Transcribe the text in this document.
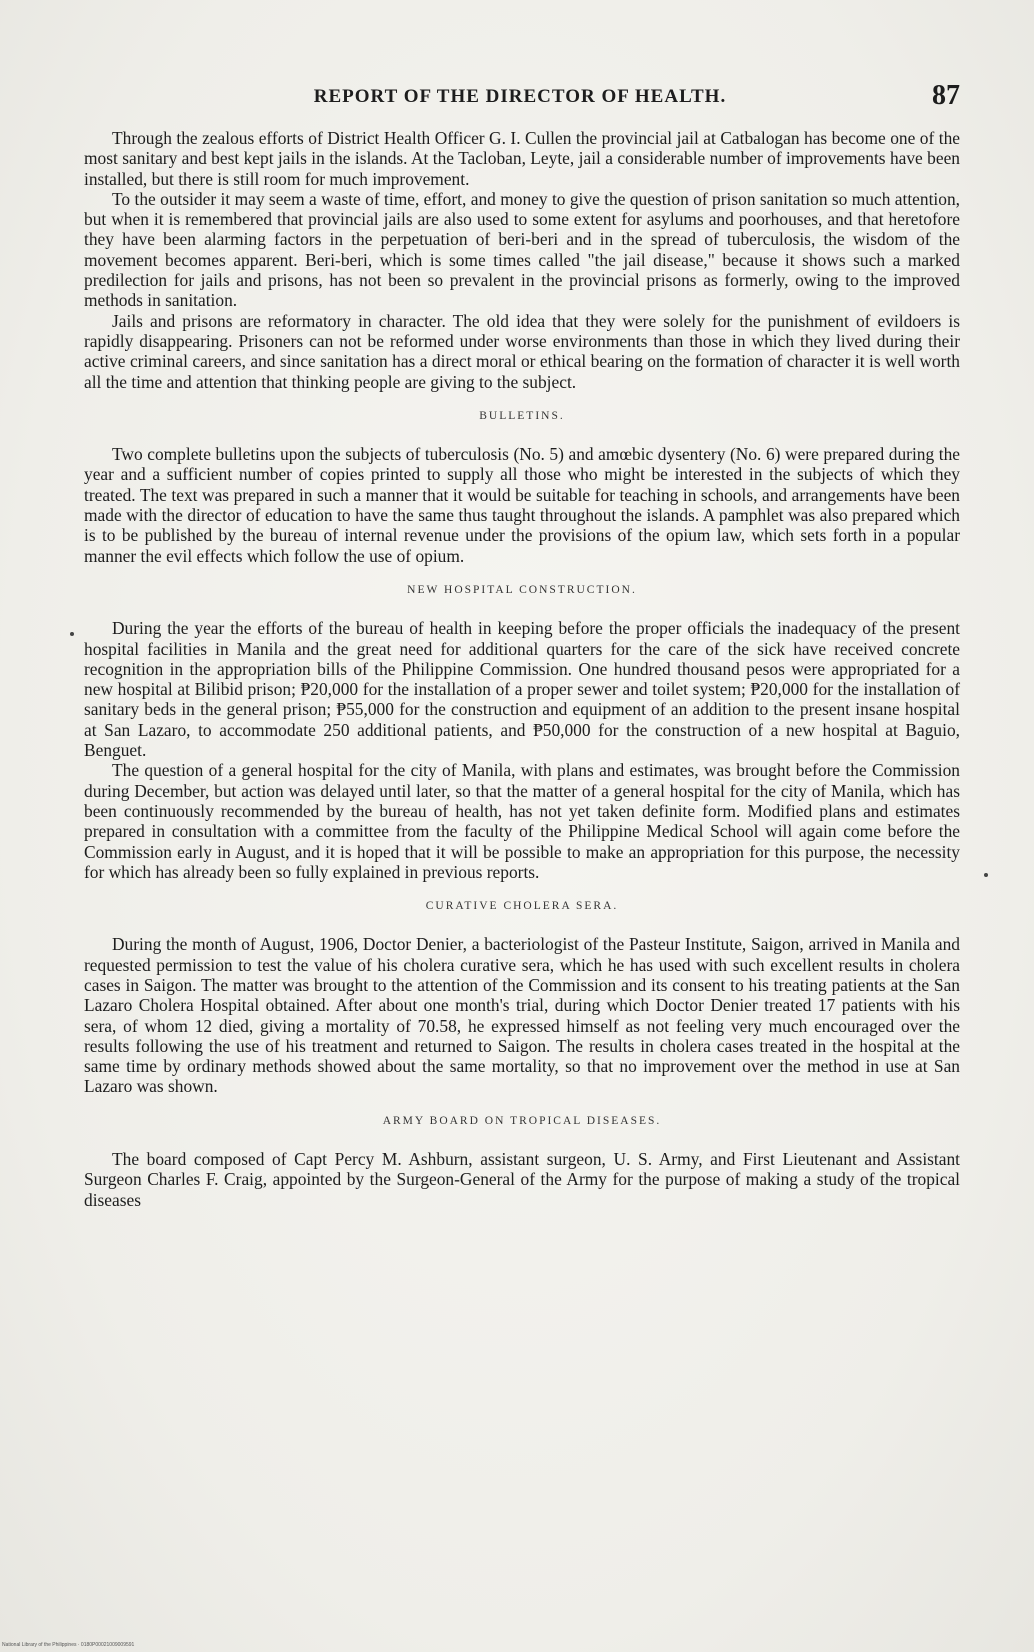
REPORT OF THE DIRECTOR OF HEALTH.	87

Through the zealous efforts of District Health Officer G. I. Cullen the provincial jail at Catbalogan has become one of the most sanitary and best kept jails in the islands. At the Tacloban, Leyte, jail a considerable number of improvements have been installed, but there is still room for much improvement.

To the outsider it may seem a waste of time, effort, and money to give the question of prison sanitation so much attention, but when it is remembered that provincial jails are also used to some extent for asylums and poorhouses, and that heretofore they have been alarming factors in the perpetuation of beri-beri and in the spread of tuberculosis, the wisdom of the movement becomes apparent. Beri-beri, which is some times called "the jail disease," because it shows such a marked predilection for jails and prisons, has not been so prevalent in the provincial prisons as formerly, owing to the improved methods in sanitation.

Jails and prisons are reformatory in character. The old idea that they were solely for the punishment of evildoers is rapidly disappearing. Prisoners can not be reformed under worse environments than those in which they lived during their active criminal careers, and since sanitation has a direct moral or ethical bearing on the formation of character it is well worth all the time and attention that thinking people are giving to the subject.

BULLETINS.

Two complete bulletins upon the subjects of tuberculosis (No. 5) and amœbic dysentery (No. 6) were prepared during the year and a sufficient number of copies printed to supply all those who might be interested in the subjects of which they treated. The text was prepared in such a manner that it would be suitable for teaching in schools, and arrangements have been made with the director of education to have the same thus taught throughout the islands. A pamphlet was also prepared which is to be published by the bureau of internal revenue under the provisions of the opium law, which sets forth in a popular manner the evil effects which follow the use of opium.

NEW HOSPITAL CONSTRUCTION.

During the year the efforts of the bureau of health in keeping before the proper officials the inadequacy of the present hospital facilities in Manila and the great need for additional quarters for the care of the sick have received concrete recognition in the appropriation bills of the Philippine Commission. One hundred thousand pesos were appropriated for a new hospital at Bilibid prison; ₱20,000 for the installation of a proper sewer and toilet system; ₱20,000 for the installation of sanitary beds in the general prison; ₱55,000 for the construction and equipment of an addition to the present insane hospital at San Lazaro, to accommodate 250 additional patients, and ₱50,000 for the construction of a new hospital at Baguio, Benguet.

The question of a general hospital for the city of Manila, with plans and estimates, was brought before the Commission during December, but action was delayed until later, so that the matter of a general hospital for the city of Manila, which has been continuously recommended by the bureau of health, has not yet taken definite form. Modified plans and estimates prepared in consultation with a committee from the faculty of the Philippine Medical School will again come before the Commission early in August, and it is hoped that it will be possible to make an appropriation for this purpose, the necessity for which has already been so fully explained in previous reports.

CURATIVE CHOLERA SERA.

During the month of August, 1906, Doctor Denier, a bacteriologist of the Pasteur Institute, Saigon, arrived in Manila and requested permission to test the value of his cholera curative sera, which he has used with such excellent results in cholera cases in Saigon. The matter was brought to the attention of the Commission and its consent to his treating patients at the San Lazaro Cholera Hospital obtained. After about one month's trial, during which Doctor Denier treated 17 patients with his sera, of whom 12 died, giving a mortality of 70.58, he expressed himself as not feeling very much encouraged over the results following the use of his treatment and returned to Saigon. The results in cholera cases treated in the hospital at the same time by ordinary methods showed about the same mortality, so that no improvement over the method in use at San Lazaro was shown.

ARMY BOARD ON TROPICAL DISEASES.

The board composed of Capt Percy M. Ashburn, assistant surgeon, U. S. Army, and First Lieutenant and Assistant Surgeon Charles F. Craig, appointed by the Surgeon-General of the Army for the purpose of making a study of the tropical diseases

National Library of the Philippines · 0180P00021009009591
